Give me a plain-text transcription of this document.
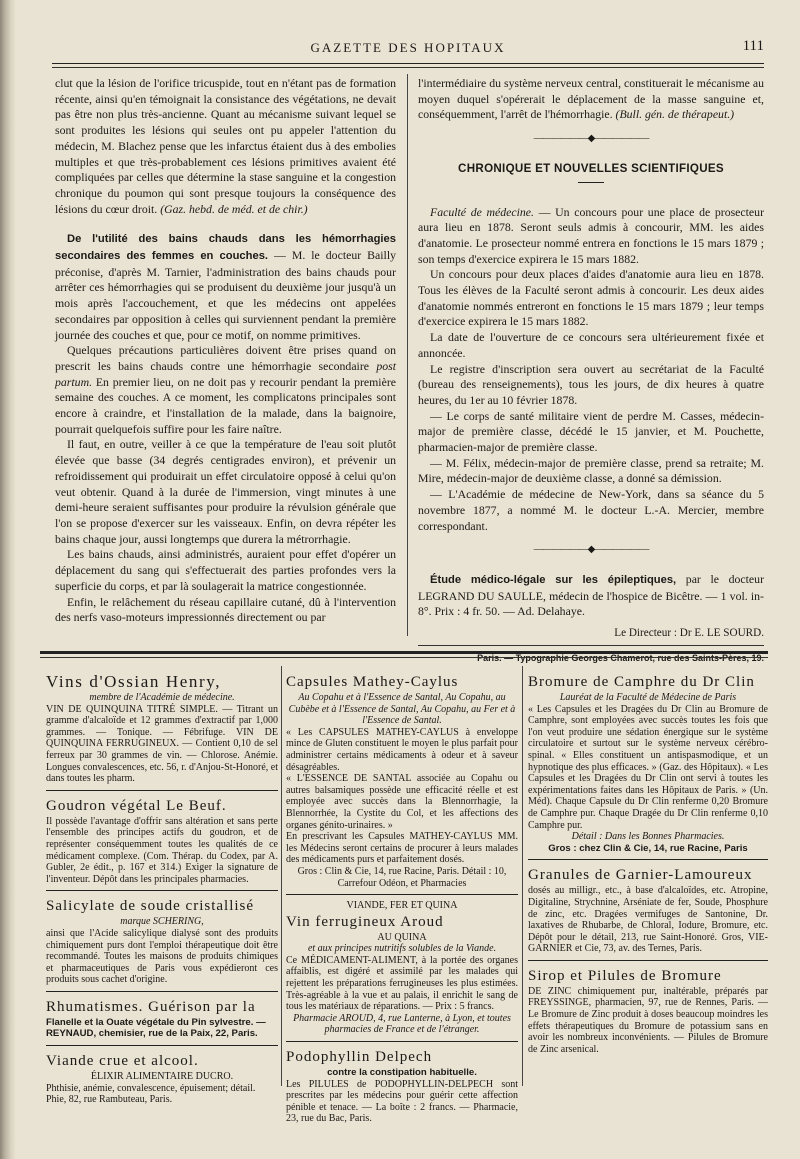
GAZETTE DES HOPITAUX	111

clut que la lésion de l'orifice tricuspide, tout en n'étant pas de formation récente, ainsi qu'en témoignait la consistance des végétations, ne devait pas être non plus très-ancienne. Quant au mécanisme suivant lequel se sont produites les lésions qui seules ont pu appeler l'attention du médecin, M. Blachez pense que les infarctus étaient dus à des embolies multiples et que très-probablement ces lésions primitives avaient été compliquées par celles que détermine la stase sanguine et la congestion chronique du poumon qui sont presque toujours la conséquence des lésions du cœur droit. (Gaz. hebd. de méd. et de chir.)

De l'utilité des bains chauds dans les hémorrhagies secondaires des femmes en couches. — M. le docteur Bailly préconise, d'après M. Tarnier, l'administration des bains chauds pour arrêter ces hémorrhagies qui se produisent du deuxième jour jusqu'à un mois après l'accouchement, et que les médecins ont appelées secondaires par opposition à celles qui surviennent pendant la première journée des couches et que, pour ce motif, on nomme primitives.

Quelques précautions particulières doivent être prises quand on prescrit les bains chauds contre une hémorrhagie secondaire post partum. En premier lieu, on ne doit pas y recourir pendant la première semaine des couches. A ce moment, les complicatons principales sont encore à craindre, et l'installation de la malade, dans la baignoire, pourrait quelquefois suffire pour les faire naître.

Il faut, en outre, veiller à ce que la température de l'eau soit plutôt élevée que basse (34 degrés centigrades environ), et prévenir un refroidissement qui produirait un effet circulatoire opposé à celui qu'on veut obtenir. Quand à la durée de l'immersion, vingt minutes à une demi-heure seraient suffisantes pour produire la révulsion générale que l'on se propose d'exercer sur les vaisseaux. Enfin, on devra répéter les bains chaque jour, aussi longtemps que durera la métrorrhagie.

Les bains chauds, ainsi administrés, auraient pour effet d'opérer un déplacement du sang qui s'effectuerait des parties profondes vers la superficie du corps, et par là soulagerait la matrice congestionnée.

Enfin, le relâchement du réseau capillaire cutané, dû à l'intervention des nerfs vaso-moteurs impressionnés directement ou par

l'intermédiaire du système nerveux central, constituerait le mécanisme au moyen duquel s'opérerait le déplacement de la masse sanguine et, conséquemment, l'arrêt de l'hémorrhagie. (Bull. gén. de thérapeut.)

——————◆——————
CHRONIQUE ET NOUVELLES SCIENTIFIQUES

Faculté de médecine. — Un concours pour une place de prosecteur aura lieu en 1878. Seront seuls admis à concourir, MM. les aides d'anatomie. Le prosecteur nommé entrera en fonctions le 15 mars 1879 ; son temps d'exercice expirera le 15 mars 1882.

Un concours pour deux places d'aides d'anatomie aura lieu en 1878. Tous les élèves de la Faculté seront admis à concourir. Les deux aides d'anatomie nommés entreront en fonctions le 15 mars 1879 ; leur temps d'exercice expirera le 15 mars 1882.

La date de l'ouverture de ce concours sera ultérieurement fixée et annoncée.

Le registre d'inscription sera ouvert au secrétariat de la Faculté (bureau des renseignements), tous les jours, de dix heures à quatre heures, du 1er au 10 février 1878.

— Le corps de santé militaire vient de perdre M. Casses, médecin-major de première classe, décédé le 15 janvier, et M. Pouchette, pharmacien-major de première classe.

— M. Félix, médecin-major de première classe, prend sa retraite; M. Mire, médecin-major de deuxième classe, a donné sa démission.

— L'Académie de médecine de New-York, dans sa séance du 5 novembre 1877, a nommé M. le docteur L.-A. Mercier, membre correspondant.

——————◆——————

Étude médico-légale sur les épileptiques, par le docteur LEGRAND DU SAULLE, médecin de l'hospice de Bicêtre. — 1 vol. in-8°. Prix : 4 fr. 50. — Ad. Delahaye.

Le Directeur : Dr E. LE SOURD.
Paris. — Typographie Georges Chamerot, rue des Saints-Pères, 19.
Vins d'Ossian Henry,
membre de l'Académie de médecine.
VIN DE QUINQUINA TITRÉ SIMPLE. — Titrant un gramme d'alcaloïde et 12 grammes d'extractif par 1,000 grammes. — Tonique. — Fébrifuge. VIN DE QUINQUINA FERRUGINEUX. — Contient 0,10 de sel ferreux par 30 grammes de vin. — Chlorose. Anémie. Longues convalescences, etc. 56, r. d'Anjou-St-Honoré, et dans toutes les pharm.
Goudron végétal Le Beuf.
Il possède l'avantage d'offrir sans altération et sans perte l'ensemble des principes actifs du goudron, et de représenter conséquemment toutes les qualités de ce médicament complexe. (Com. Thérap. du Codex, par A. Gubler, 2e édit., p. 167 et 314.) Exiger la signature de l'inventeur. Dépôt dans les principales pharmacies.
Salicylate de soude cristallisé
marque SCHERING,
ainsi que l'Acide salicylique dialysé sont des produits chimiquement purs dont l'emploi thérapeutique doit être recommandé. Toutes les maisons de produits chimiques et pharmaceutiques de Paris vous expédieront ces produits sous cachet d'origine.
Rhumatismes. Guérison par la
Flanelle et la Ouate végétale du Pin sylvestre. — REYNAUD, chemisier, rue de la Paix, 22, Paris.
Viande crue et alcool.
ÉLIXIR ALIMENTAIRE DUCRO.
Phthisie, anémie, convalescence, épuisement; détail. Phie, 82, rue Rambuteau, Paris.
Capsules Mathey-Caylus
Au Copahu et à l'Essence de Santal, Au Copahu, au Cubèbe et à l'Essence de Santal, Au Copahu, au Fer et à l'Essence de Santal.
« Les CAPSULES MATHEY-CAYLUS à enveloppe mince de Gluten constituent le moyen le plus parfait pour administrer certains médicaments à odeur et à saveur désagréables.
« L'ESSENCE DE SANTAL associée au Copahu ou autres balsamiques possède une efficacité réelle et est employée avec succès dans la Blennorrhagie, la Blennorrhée, la Cystite du Col, et les affections des organes génito-urinaires. »
En prescrivant les Capsules MATHEY-CAYLUS MM. les Médecins seront certains de procurer à leurs malades des médicaments purs et parfaitement dosés.
Gros : Clin & Cie, 14, rue Racine, Paris. Détail : 10, Carrefour Odéon, et Pharmacies
VIANDE, FER ET QUINA
Vin ferrugineux Aroud
AU QUINA
et aux principes nutritifs solubles de la Viande.
Ce MÉDICAMENT-ALIMENT, à la portée des organes affaiblis, est digéré et assimilé par les malades qui rejettent les préparations ferrugineuses les plus estimées. Très-agréable à la vue et au palais, il enrichit le sang de tous les matériaux de réparations. — Prix : 5 francs.
Pharmacie AROUD, 4, rue Lanterne, à Lyon, et toutes pharmacies de France et de l'étranger.
Podophyllin Delpech
contre la constipation habituelle.
Les PILULES de PODOPHYLLIN-DELPECH sont prescrites par les médecins pour guérir cette affection pénible et tenace. — La boîte : 2 francs. — Pharmacie, 23, rue du Bac, Paris.
Bromure de Camphre du Dr Clin
Lauréat de la Faculté de Médecine de Paris
« Les Capsules et les Dragées du Dr Clin au Bromure de Camphre, sont employées avec succès toutes les fois que l'on veut produire une sédation énergique sur le système circulatoire et surtout sur le système nerveux cérébro-spinal. « Elles constituent un antispasmodique, et un hypnotique des plus efficaces. » (Gaz. des Hôpitaux). « Les Capsules et les Dragées du Dr Clin ont servi à toutes les expérimentations faites dans les Hôpitaux de Paris. » (Un. Méd). Chaque Capsule du Dr Clin renferme 0,20 Bromure de Camphre pur. Chaque Dragée du Dr Clin renferme 0,10 Camphre pur.
Détail : Dans les Bonnes Pharmacies.
Gros : chez Clin & Cie, 14, rue Racine, Paris
Granules de Garnier-Lamoureux
dosés au milligr., etc., à base d'alcaloïdes, etc. Atropine, Digitaline, Strychnine, Arséniate de fer, Soude, Phosphure de zinc, etc. Dragées vermifuges de Santonine, Dr. laxatives de Rhubarbe, de Chloral, Iodure, Bromure, etc. Dépôt pour le détail, 213, rue Saint-Honoré. Gros, VIE-GARNIER et Cie, 73, av. des Ternes, Paris.
Sirop et Pilules de Bromure
DE ZINC chimiquement pur, inaltérable, préparés par FREYSSINGE, pharmacien, 97, rue de Rennes, Paris. — Le Bromure de Zinc produit à doses beaucoup moindres les effets thérapeutiques du Bromure de potassium sans en avoir les nombreux inconvénients. — Pilules de Bromure de Zinc arsenical.
